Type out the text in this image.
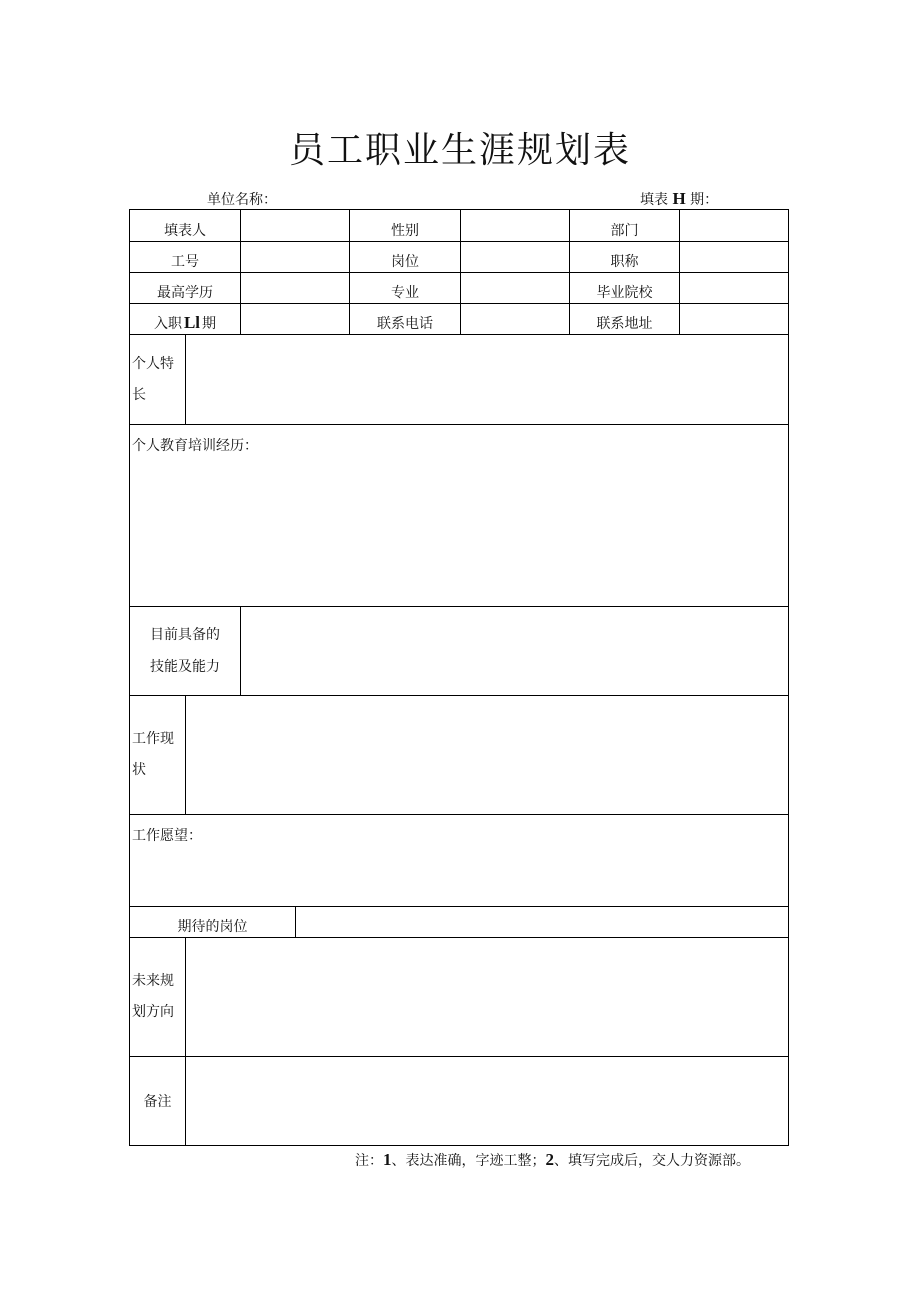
员工职业生涯规划表
单位名称：	填表 H 期：
填表人	性别	部门
工号	岗位	职称
最高学历	专业	毕业院校
入职 Ll 期	联系电话	联系地址
个人特
长
个人教育培训经历：
目前具备的
技能及能力
工作现
状
工作愿望：
期待的岗位
未来规
划方向
备注
注：1、表达准确，字迹工整；2、填写完成后，交人力资源部。
